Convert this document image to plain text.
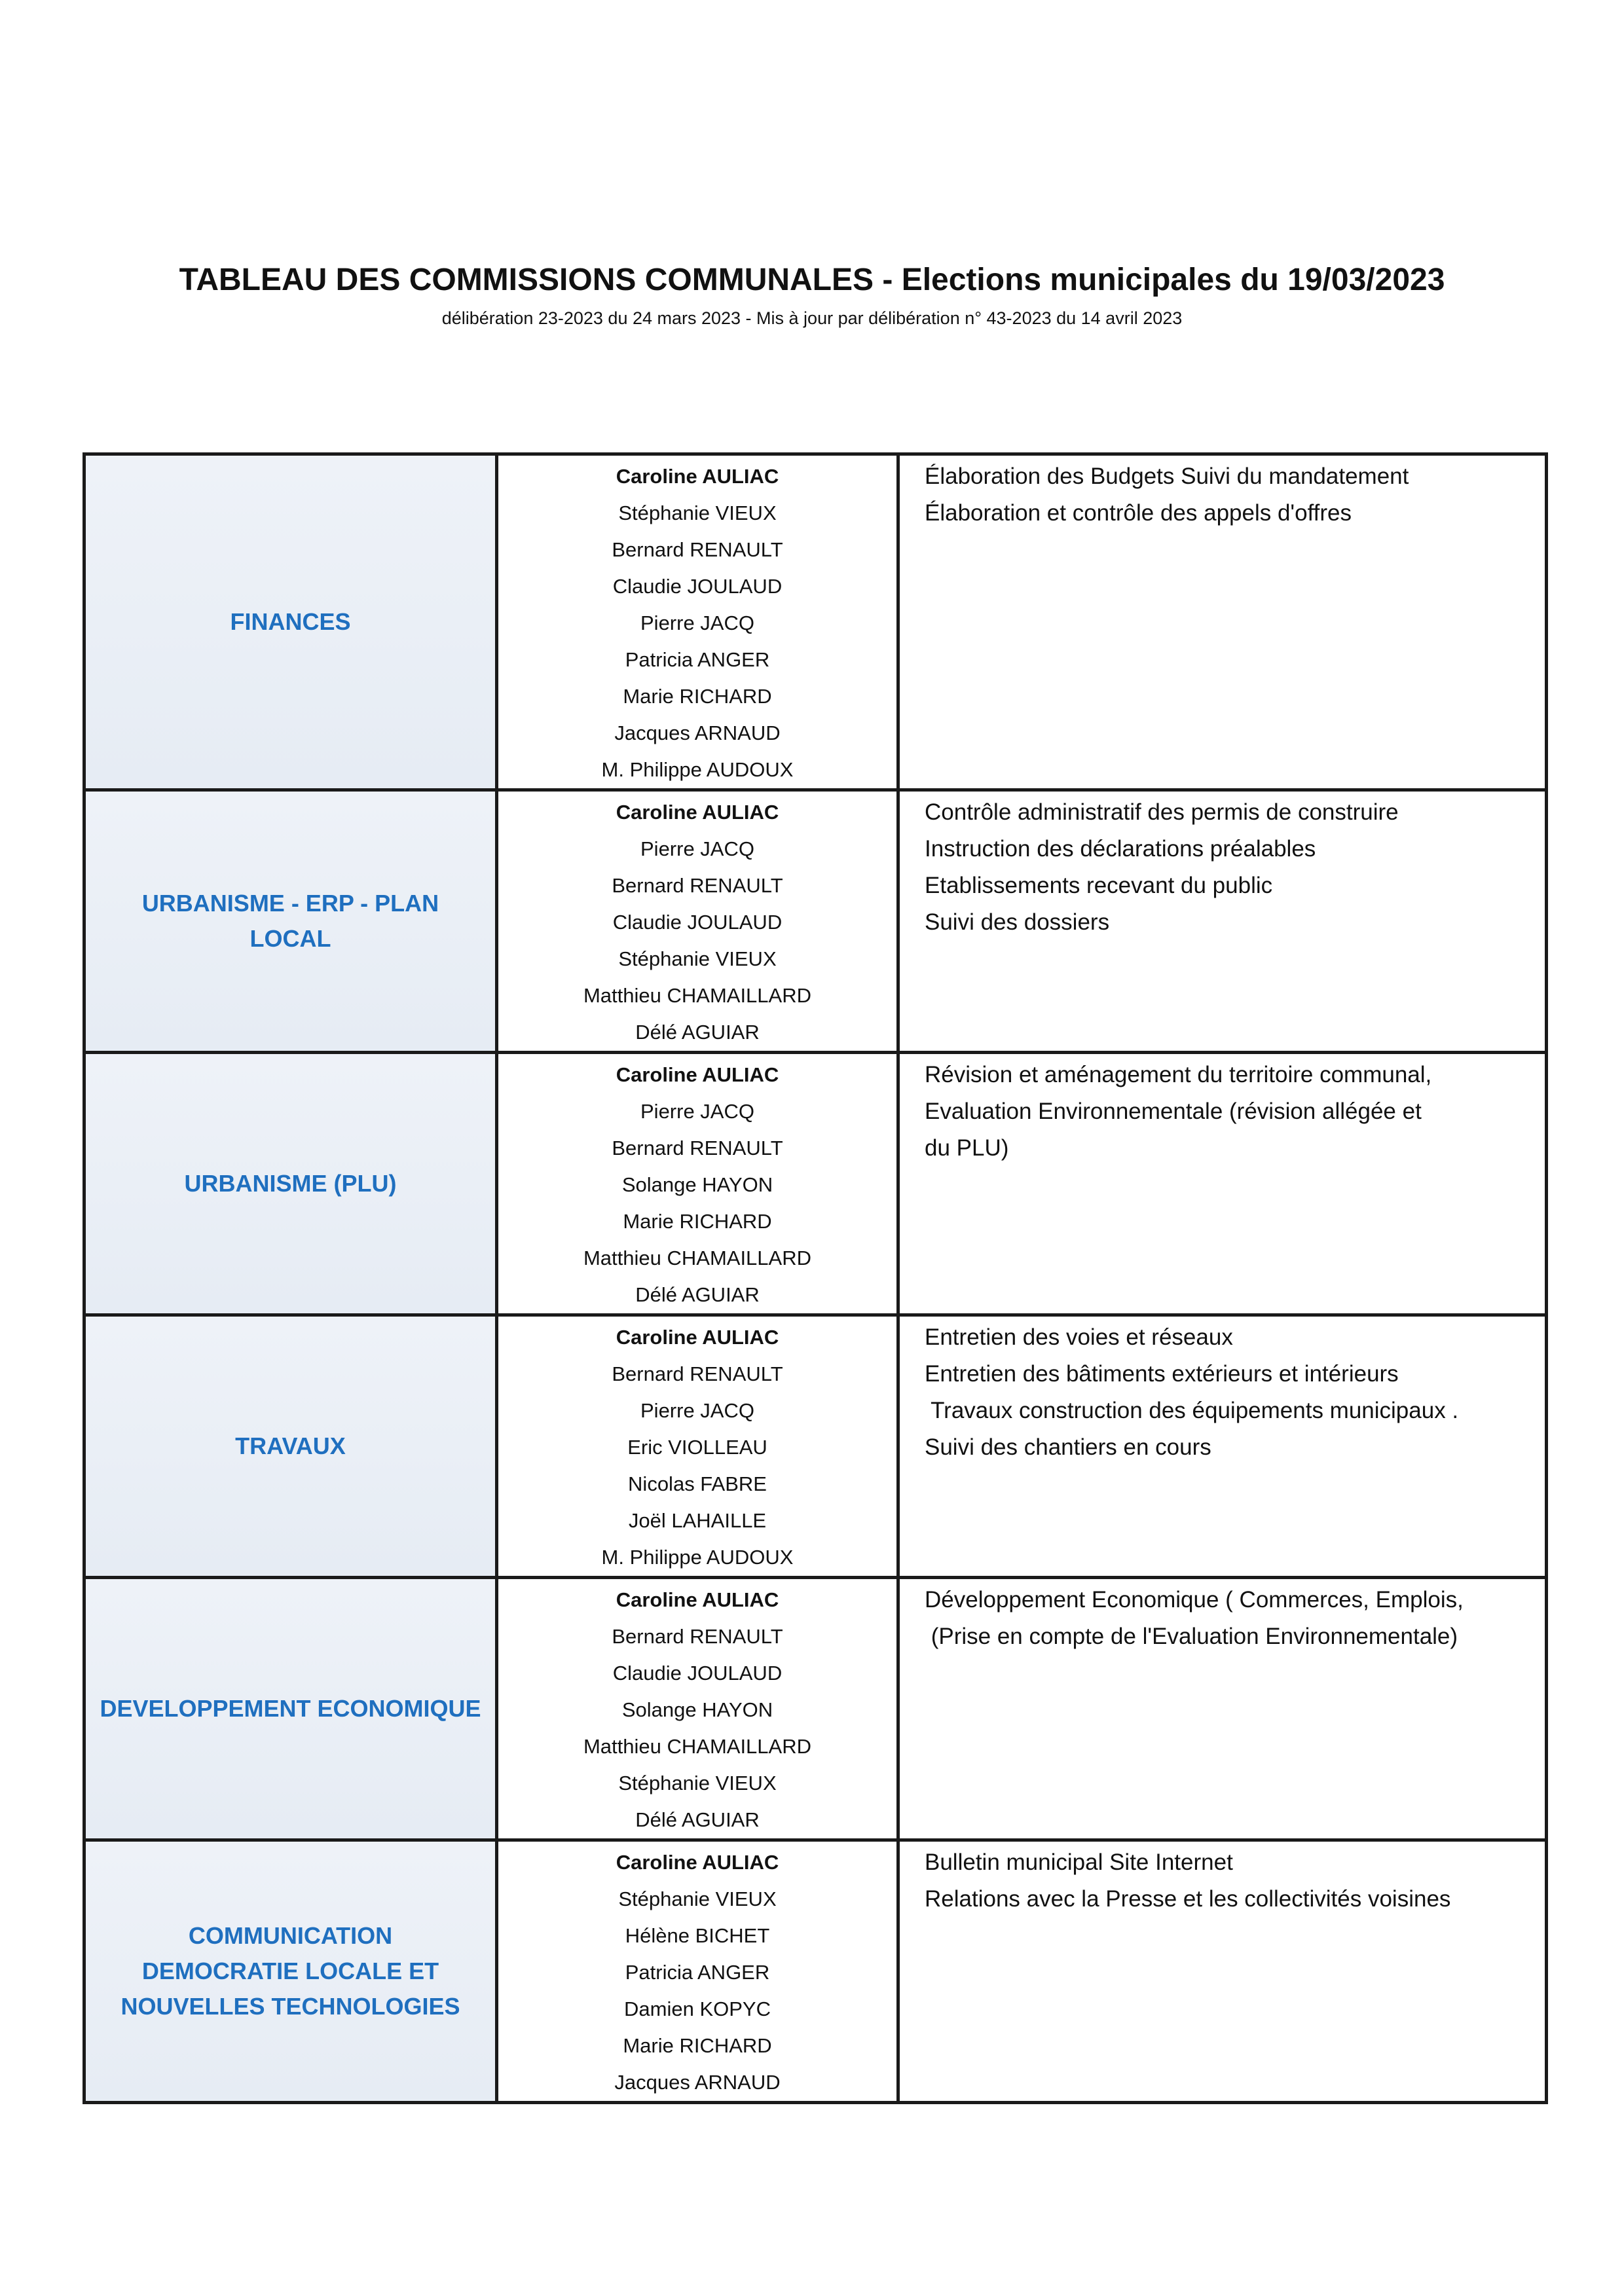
TABLEAU DES COMMISSIONS COMMUNALES - Elections municipales du 19/03/2023
délibération 23-2023 du 24 mars 2023 - Mis à jour par délibération n° 43-2023 du 14 avril 2023
FINANCES
Caroline AULIAC
Stéphanie VIEUX
Bernard RENAULT
Claudie JOULAUD
Pierre JACQ
Patricia ANGER
Marie RICHARD
Jacques ARNAUD
M. Philippe AUDOUX
Élaboration des Budgets Suivi du mandatement
Élaboration et contrôle des appels d'offres
URBANISME - ERP - PLAN LOCAL
Caroline AULIAC
Pierre JACQ
Bernard RENAULT
Claudie JOULAUD
Stéphanie VIEUX
Matthieu CHAMAILLARD
Délé AGUIAR
Contrôle administratif des permis de construire
Instruction des déclarations préalables
Etablissements recevant du public
Suivi des dossiers
URBANISME (PLU)
Caroline AULIAC
Pierre JACQ
Bernard RENAULT
Solange HAYON
Marie RICHARD
Matthieu CHAMAILLARD
Délé AGUIAR
Révision et aménagement du territoire communal,
Evaluation Environnementale (révision allégée et
du PLU)
TRAVAUX
Caroline AULIAC
Bernard RENAULT
Pierre JACQ
Eric VIOLLEAU
Nicolas FABRE
Joël LAHAILLE
M. Philippe AUDOUX
Entretien des voies et réseaux
Entretien des bâtiments extérieurs et intérieurs
Travaux construction des équipements municipaux .
Suivi des chantiers en cours
DEVELOPPEMENT ECONOMIQUE
Caroline AULIAC
Bernard RENAULT
Claudie JOULAUD
Solange HAYON
Matthieu CHAMAILLARD
Stéphanie VIEUX
Délé AGUIAR
Développement Economique ( Commerces, Emplois,
(Prise en compte de l'Evaluation Environnementale)
COMMUNICATION
DEMOCRATIE LOCALE ET
NOUVELLES TECHNOLOGIES
Caroline AULIAC
Stéphanie VIEUX
Hélène BICHET
Patricia ANGER
Damien KOPYC
Marie RICHARD
Jacques ARNAUD
Bulletin municipal Site Internet
Relations avec la Presse et les collectivités voisines
